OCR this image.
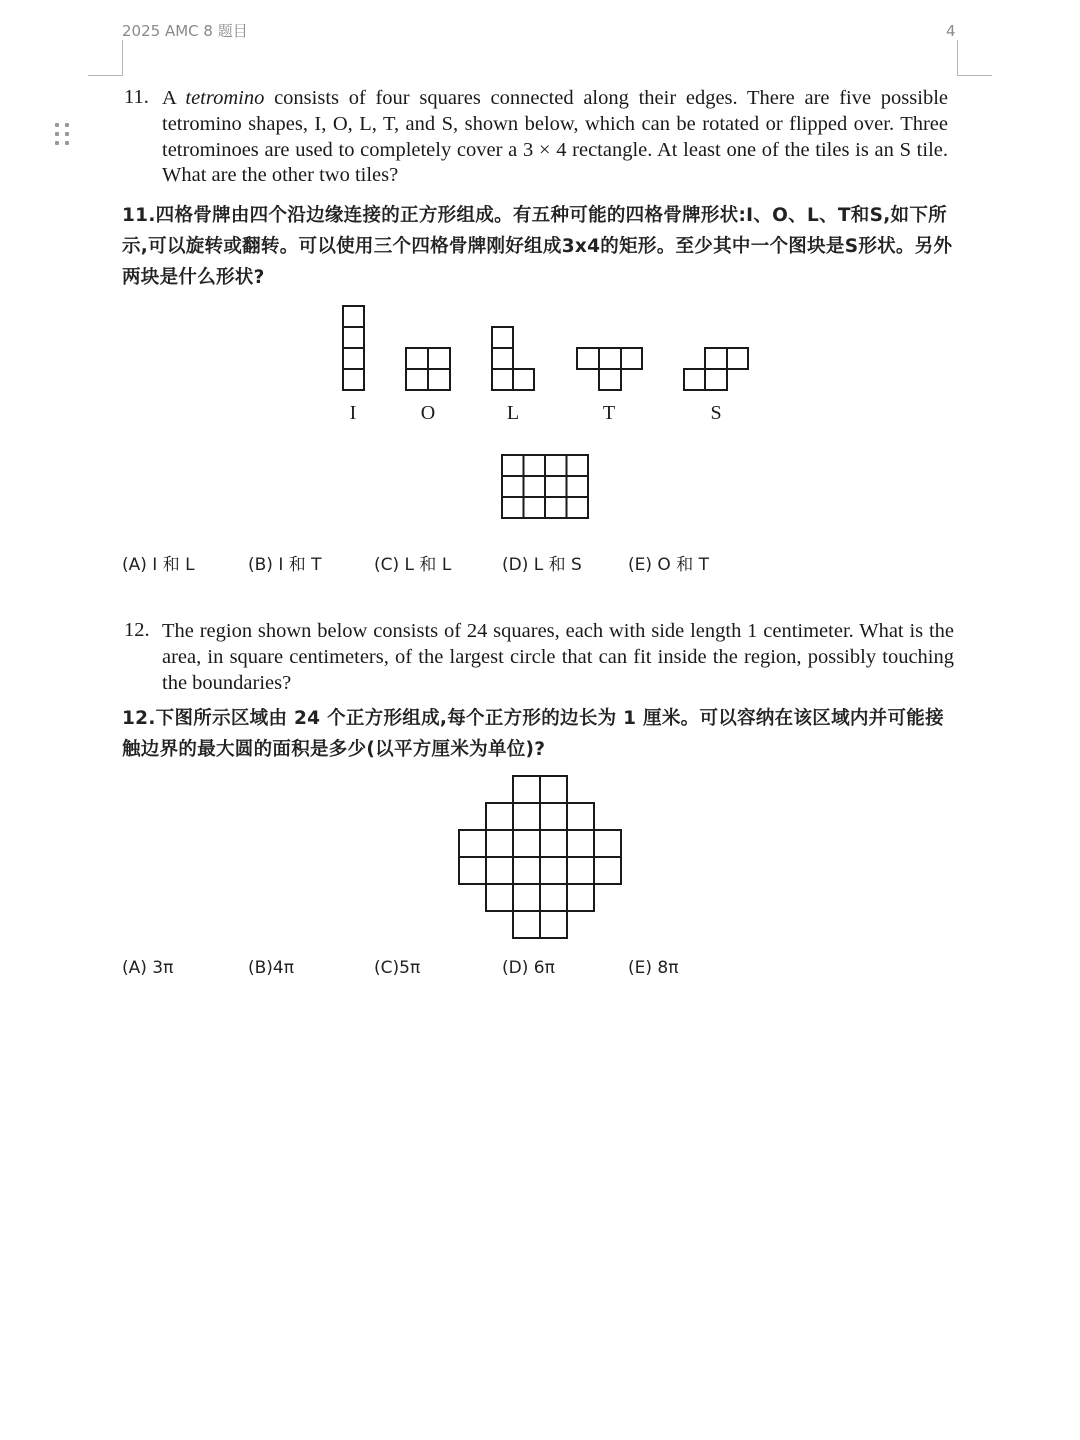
2025 AMC 8 题目	4
11. A tetromino consists of four squares connected along their edges. There are five possible tetromino shapes, I, O, L, T, and S, shown below, which can be rotated or flipped over. Three tetrominoes are used to completely cover a 3 × 4 rectangle. At least one of the tiles is an S tile. What are the other two tiles?
11.四格骨牌由四个沿边缘连接的正方形组成。有五种可能的四格骨牌形状:I、O、L、T和S,如下所示,可以旋转或翻转。可以使用三个四格骨牌刚好组成3x4的矩形。至少其中一个图块是S形状。另外两块是什么形状?
I	O	L	T	S
(A) I 和 L	(B) I 和 T	(C) L 和 L	(D) L 和 S	(E) O 和 T
12. The region shown below consists of 24 squares, each with side length 1 centimeter. What is the area, in square centimeters, of the largest circle that can fit inside the region, possibly touching the boundaries?
12.下图所示区域由 24 个正方形组成,每个正方形的边长为 1 厘米。可以容纳在该区域内并可能接触边界的最大圆的面积是多少(以平方厘米为单位)?
(A) 3π	(B)4π	(C)5π	(D) 6π	(E) 8π
